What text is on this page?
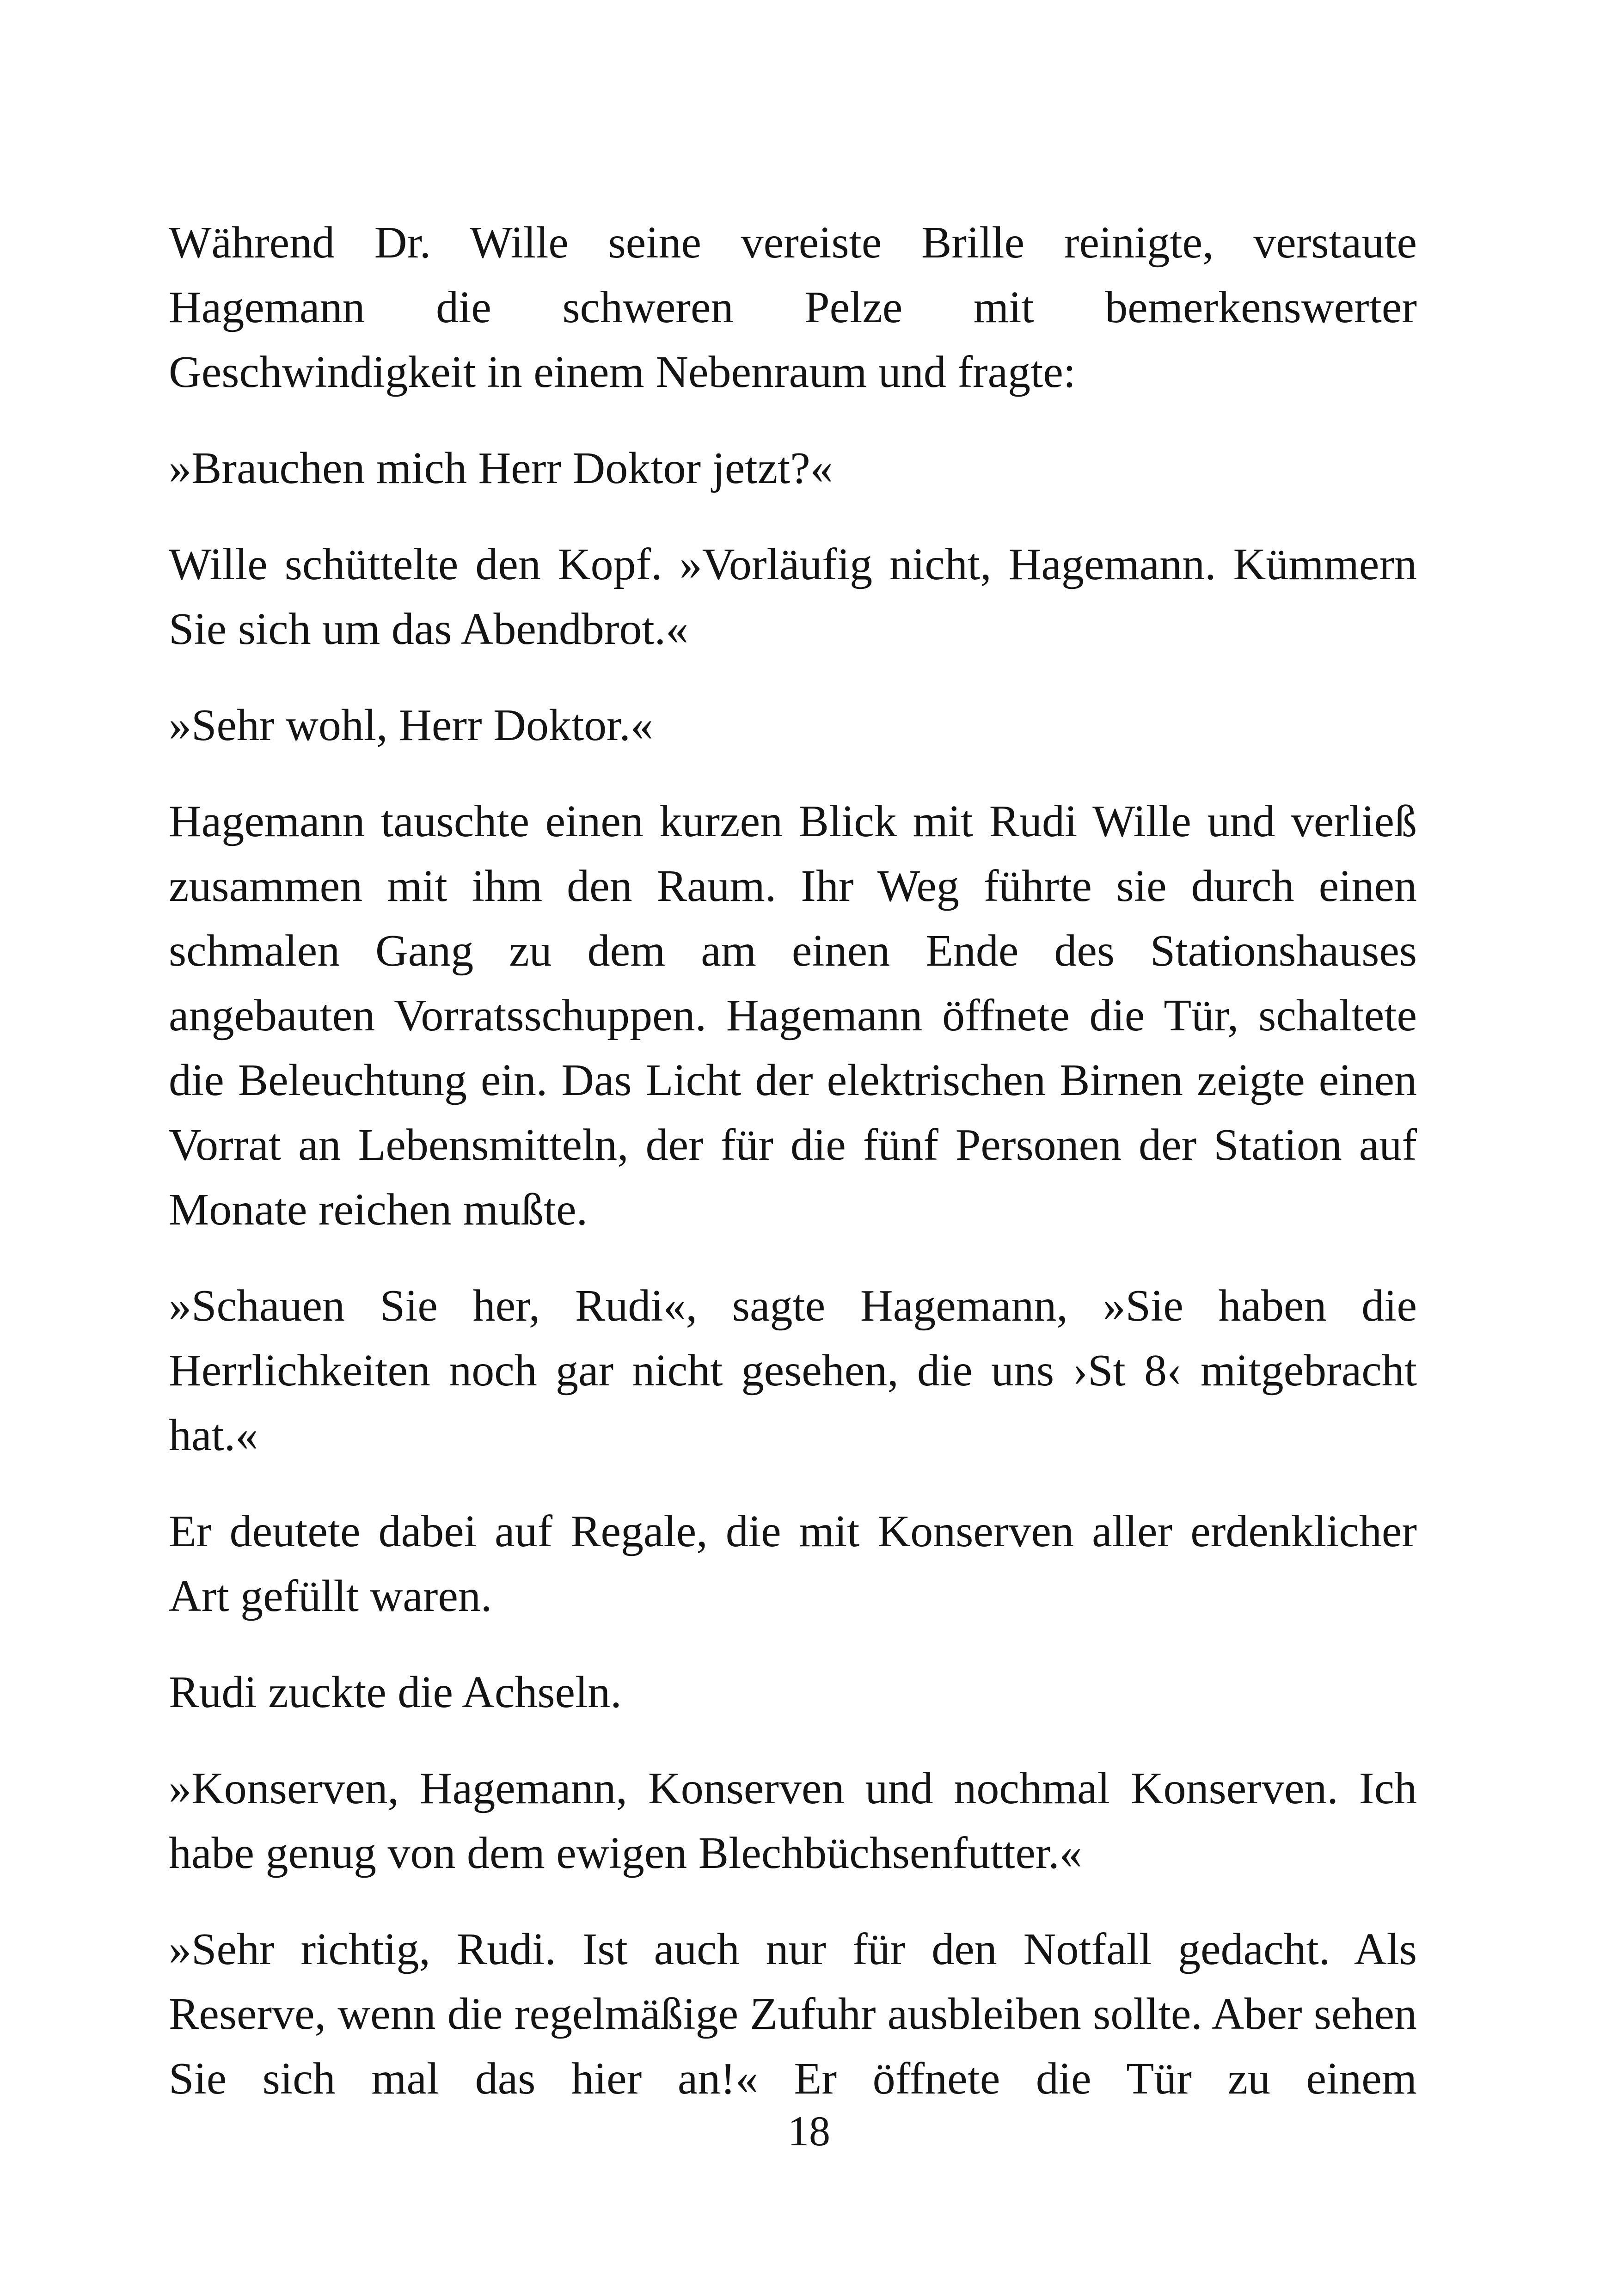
Während Dr. Wille seine vereiste Brille reinigte, verstaute Hagemann die schweren Pelze mit bemerkenswerter Geschwindigkeit in einem Nebenraum und fragte:

»Brauchen mich Herr Doktor jetzt?«

Wille schüttelte den Kopf. »Vorläufig nicht, Hagemann. Kümmern Sie sich um das Abendbrot.«

»Sehr wohl, Herr Doktor.«

Hagemann tauschte einen kurzen Blick mit Rudi Wille und verließ zusammen mit ihm den Raum. Ihr Weg führte sie durch einen schmalen Gang zu dem am einen Ende des Stationshauses angebauten Vorratsschuppen. Hagemann öffnete die Tür, schaltete die Beleuchtung ein. Das Licht der elektrischen Birnen zeigte einen Vorrat an Lebensmitteln, der für die fünf Personen der Station auf Monate reichen mußte.

»Schauen Sie her, Rudi«, sagte Hagemann, »Sie haben die Herrlichkeiten noch gar nicht gesehen, die uns ›St 8‹ mitgebracht hat.«

Er deutete dabei auf Regale, die mit Konserven aller erdenklicher Art gefüllt waren.

Rudi zuckte die Achseln.

»Konserven, Hagemann, Konserven und nochmal Konserven. Ich habe genug von dem ewigen Blechbüchsenfutter.«

»Sehr richtig, Rudi. Ist auch nur für den Notfall gedacht. Als Reserve, wenn die regelmäßige Zufuhr ausbleiben sollte. Aber sehen Sie sich mal das hier an!« Er öffnete die Tür zu einem

18
